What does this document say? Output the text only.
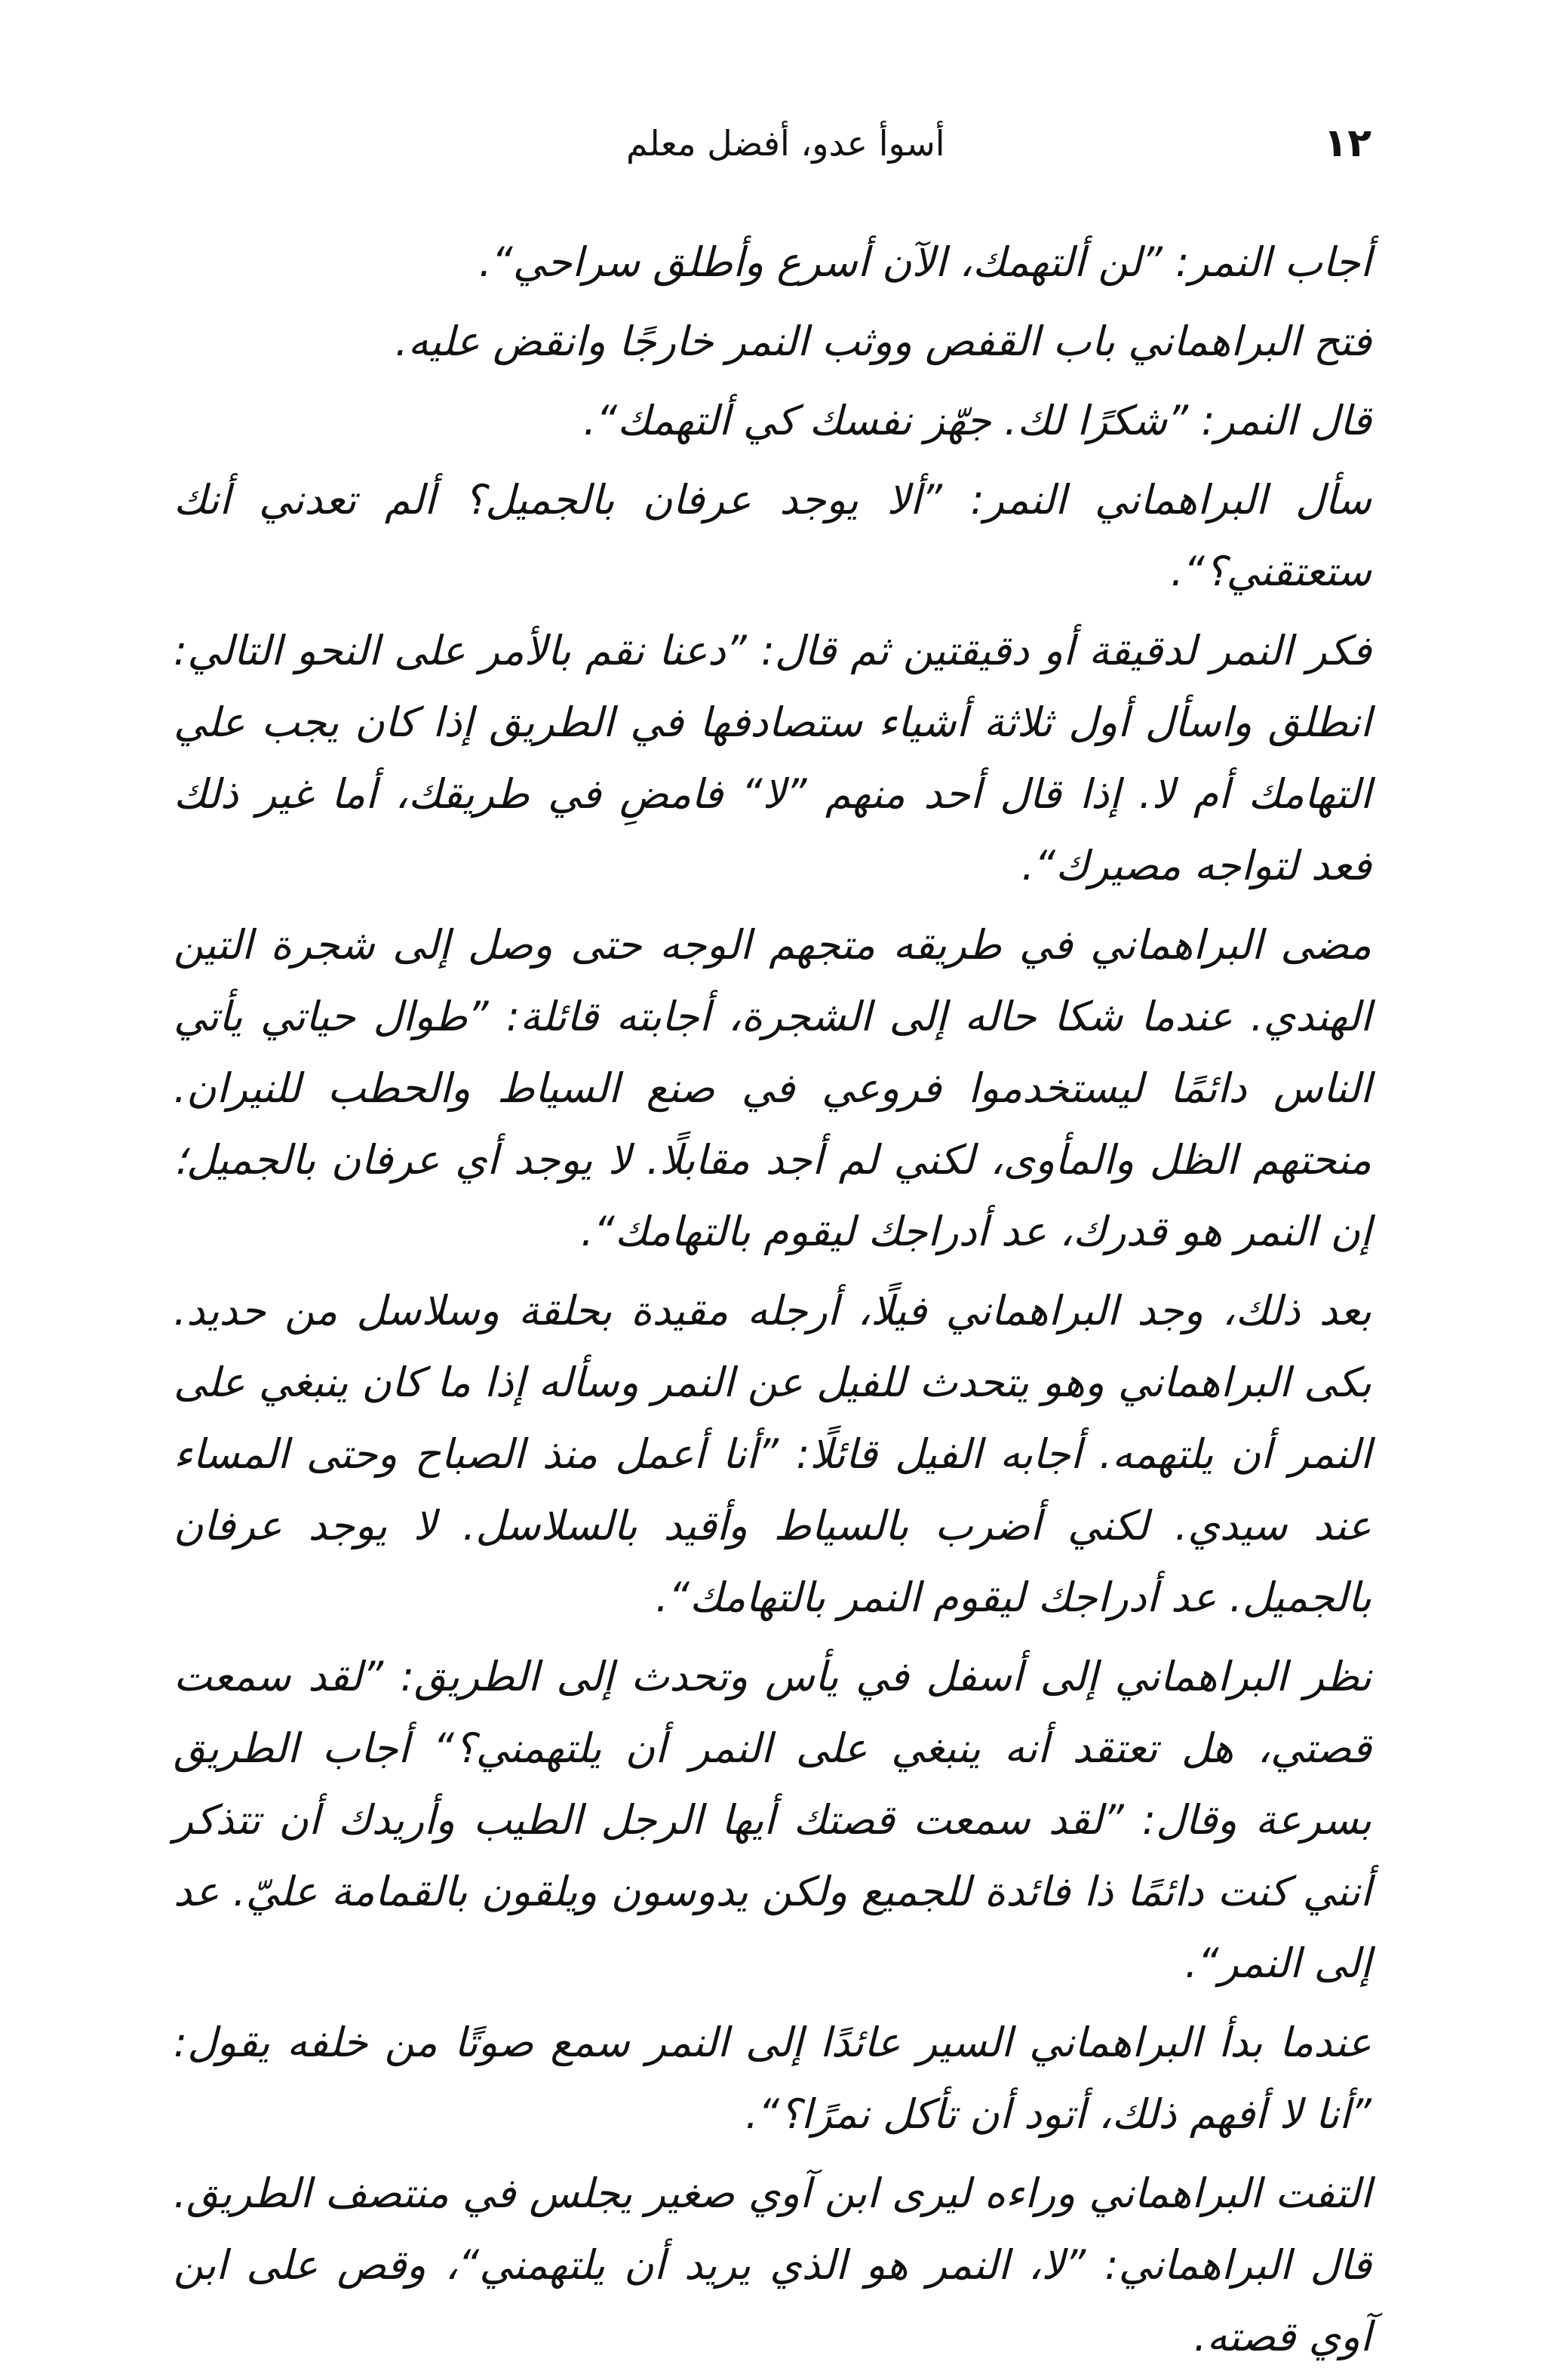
١٢
أسوأ عدو، أفضل معلم

أجاب النمر: ”لن ألتهمك، الآن أسرع وأطلق سراحي“.

فتح البراهماني باب القفص ووثب النمر خارجًا وانقض عليه.

قال النمر: ”شكرًا لك. جهّز نفسك كي ألتهمك“.

سأل البراهماني النمر: ”ألا يوجد عرفان بالجميل؟ ألم تعدني أنك ستعتقني؟“.

فكر النمر لدقيقة أو دقيقتين ثم قال: ”دعنا نقم بالأمر على النحو التالي: انطلق واسأل أول ثلاثة أشياء ستصادفها في الطريق إذا كان يجب علي التهامك أم لا. إذا قال أحد منهم ”لا“ فامضِ في طريقك، أما غير ذلك فعد لتواجه مصيرك“.

مضى البراهماني في طريقه متجهم الوجه حتى وصل إلى شجرة التين الهندي. عندما شكا حاله إلى الشجرة، أجابته قائلة: ”طوال حياتي يأتي الناس دائمًا ليستخدموا فروعي في صنع السياط والحطب للنيران. منحتهم الظل والمأوى، لكني لم أجد مقابلًا. لا يوجد أي عرفان بالجميل؛ إن النمر هو قدرك، عد أدراجك ليقوم بالتهامك“.

بعد ذلك، وجد البراهماني فيلًا، أرجله مقيدة بحلقة وسلاسل من حديد. بكى البراهماني وهو يتحدث للفيل عن النمر وسأله إذا ما كان ينبغي على النمر أن يلتهمه. أجابه الفيل قائلًا: ”أنا أعمل منذ الصباح وحتى المساء عند سيدي. لكني أضرب بالسياط وأقيد بالسلاسل. لا يوجد عرفان بالجميل. عد أدراجك ليقوم النمر بالتهامك“.

نظر البراهماني إلى أسفل في يأس وتحدث إلى الطريق: ”لقد سمعت قصتي، هل تعتقد أنه ينبغي على النمر أن يلتهمني؟“ أجاب الطريق بسرعة وقال: ”لقد سمعت قصتك أيها الرجل الطيب وأريدك أن تتذكر أنني كنت دائمًا ذا فائدة للجميع ولكن يدوسون ويلقون بالقمامة عليّ. عد إلى النمر“.

عندما بدأ البراهماني السير عائدًا إلى النمر سمع صوتًا من خلفه يقول: ”أنا لا أفهم ذلك، أتود أن تأكل نمرًا؟“.

التفت البراهماني وراءه ليرى ابن آوي صغير يجلس في منتصف الطريق. قال البراهماني: ”لا، النمر هو الذي يريد أن يلتهمني“، وقص على ابن آوي قصته.
